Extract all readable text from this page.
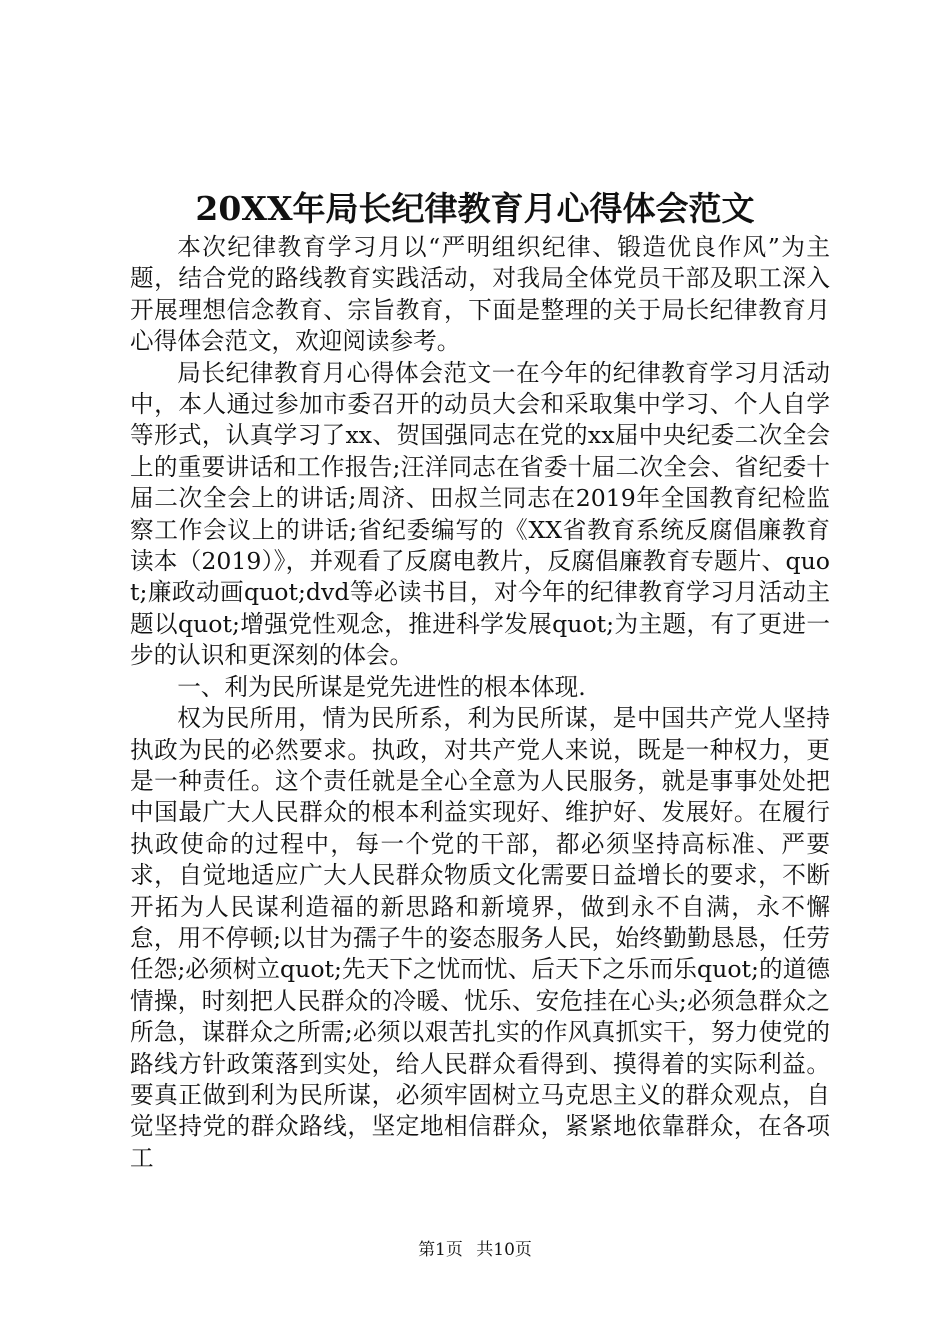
20XX年局长纪律教育月心得体会范文

本次纪律教育学习月以“严明组织纪律、锻造优良作风”为主题，结合党的路线教育实践活动，对我局全体党员干部及职工深入开展理想信念教育、宗旨教育，下面是整理的关于局长纪律教育月心得体会范文，欢迎阅读参考。

局长纪律教育月心得体会范文一在今年的纪律教育学习月活动中，本人通过参加市委召开的动员大会和采取集中学习、个人自学等形式，认真学习了xx、贺国强同志在党的xx届中央纪委二次全会上的重要讲话和工作报告;汪洋同志在省委十届二次全会、省纪委十届二次全会上的讲话;周济、田叔兰同志在2019年全国教育纪检监察工作会议上的讲话;省纪委编写的《XX省教育系统反腐倡廉教育读本（2019）》，并观看了反腐电教片，反腐倡廉教育专题片、quot;廉政动画quot;dvd等必读书目，对今年的纪律教育学习月活动主题以quot;增强党性观念，推进科学发展quot;为主题，有了更进一步的认识和更深刻的体会。

一、利为民所谋是党先进性的根本体现.

权为民所用，情为民所系，利为民所谋，是中国共产党人坚持执政为民的必然要求。执政，对共产党人来说，既是一种权力，更是一种责任。这个责任就是全心全意为人民服务，就是事事处处把中国最广大人民群众的根本利益实现好、维护好、发展好。在履行执政使命的过程中，每一个党的干部，都必须坚持高标准、严要求，自觉地适应广大人民群众物质文化需要日益增长的要求，不断开拓为人民谋利造福的新思路和新境界，做到永不自满，永不懈怠，用不停顿;以甘为孺子牛的姿态服务人民，始终勤勤恳恳，任劳任怨;必须树立quot;先天下之忧而忧、后天下之乐而乐quot;的道德情操，时刻把人民群众的冷暖、忧乐、安危挂在心头;必须急群众之所急，谋群众之所需;必须以艰苦扎实的作风真抓实干，努力使党的路线方针政策落到实处，给人民群众看得到、摸得着的实际利益。要真正做到利为民所谋，必须牢固树立马克思主义的群众观点，自觉坚持党的群众路线，坚定地相信群众，紧紧地依靠群众，在各项工

第1页 共10页
